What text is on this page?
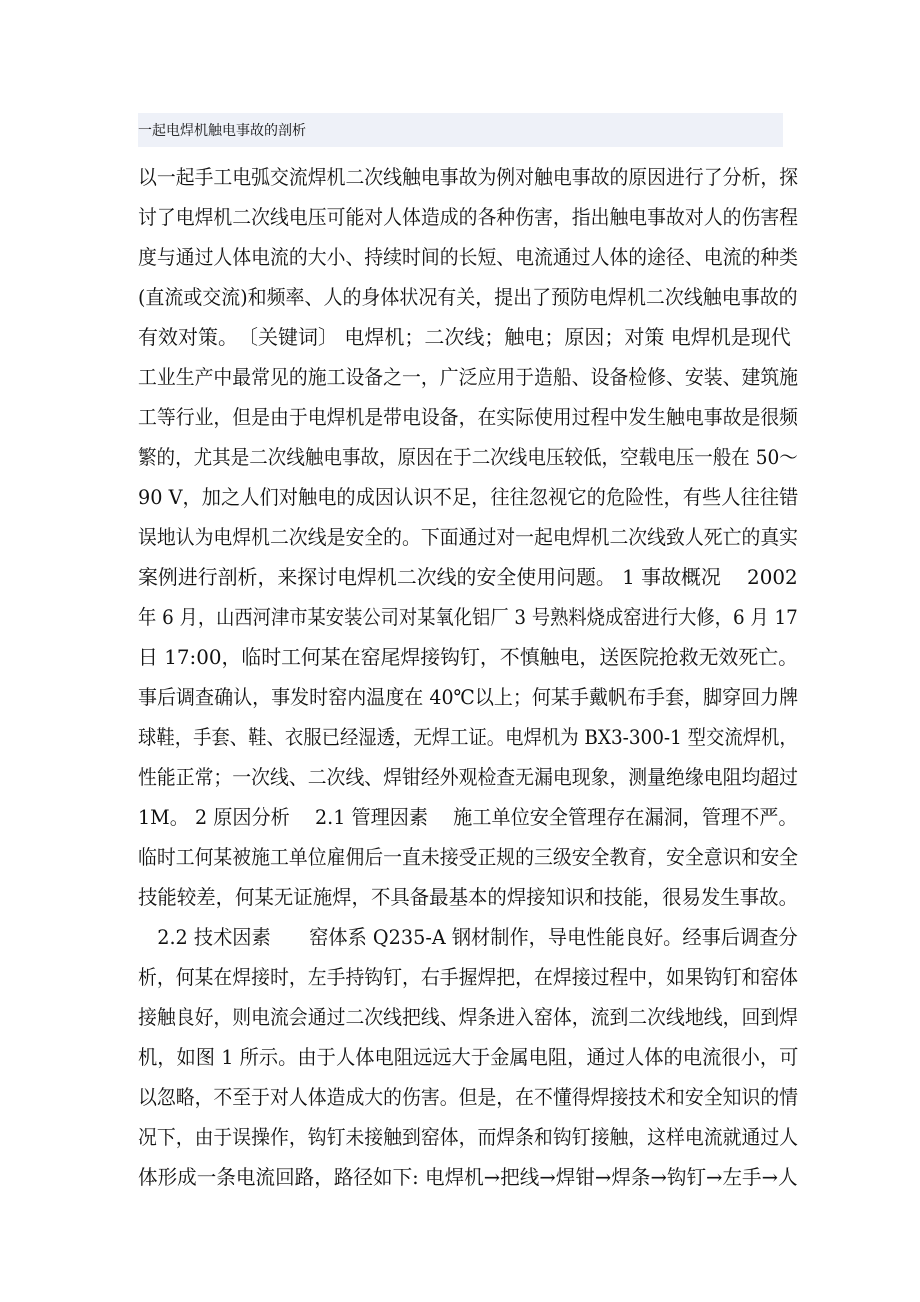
一起电焊机触电事故的剖析
以一起手工电弧交流焊机二次线触电事故为例对触电事故的原因进行了分析，探
讨了电焊机二次线电压可能对人体造成的各种伤害，指出触电事故对人的伤害程
度与通过人体电流的大小、持续时间的长短、电流通过人体的途径、电流的种类
(直流或交流)和频率、人的身体状况有关，提出了预防电焊机二次线触电事故的
有效对策。　〔关键词〕 电焊机；二次线；触电；原因；对策 电焊机是现代
工业生产中最常见的施工设备之一，广泛应用于造船、设备检修、安装、建筑施
工等行业，但是由于电焊机是带电设备，在实际使用过程中发生触电事故是很频
繁的，尤其是二次线触电事故，原因在于二次线电压较低，空载电压一般在 50～
90 V，加之人们对触电的成因认识不足，往往忽视它的危险性，有些人往往错
误地认为电焊机二次线是安全的。下面通过对一起电焊机二次线致人死亡的真实
案例进行剖析，来探讨电焊机二次线的安全使用问题。 1 事故概况　 2002
年 6 月，山西河津市某安装公司对某氧化铝厂 3 号熟料烧成窑进行大修，6 月 17
日 17:00，临时工何某在窑尾焊接钩钉，不慎触电，送医院抢救无效死亡。
事后调查确认，事发时窑内温度在 40℃以上；何某手戴帆布手套，脚穿回力牌
球鞋，手套、鞋、衣服已经湿透，无焊工证。电焊机为 BX3-300-1 型交流焊机，
性能正常；一次线、二次线、焊钳经外观检查无漏电现象，测量绝缘电阻均超过
1M。 2 原因分析　 2.1 管理因素　 施工单位安全管理存在漏洞，管理不严。
临时工何某被施工单位雇佣后一直未接受正规的三级安全教育，安全意识和安全
技能较差，何某无证施焊，不具备最基本的焊接知识和技能，很易发生事故。
　2.2 技术因素　　窑体系 Q235-A 钢材制作，导电性能良好。经事后调查分
析，何某在焊接时，左手持钩钉，右手握焊把，在焊接过程中，如果钩钉和窑体
接触良好，则电流会通过二次线把线、焊条进入窑体，流到二次线地线，回到焊
机，如图 1 所示。由于人体电阻远远大于金属电阻，通过人体的电流很小，可
以忽略，不至于对人体造成大的伤害。但是，在不懂得焊接技术和安全知识的情
况下，由于误操作，钩钉未接触到窑体，而焊条和钩钉接触，这样电流就通过人
体形成一条电流回路，路径如下: 电焊机→把线→焊钳→焊条→钩钉→左手→人
